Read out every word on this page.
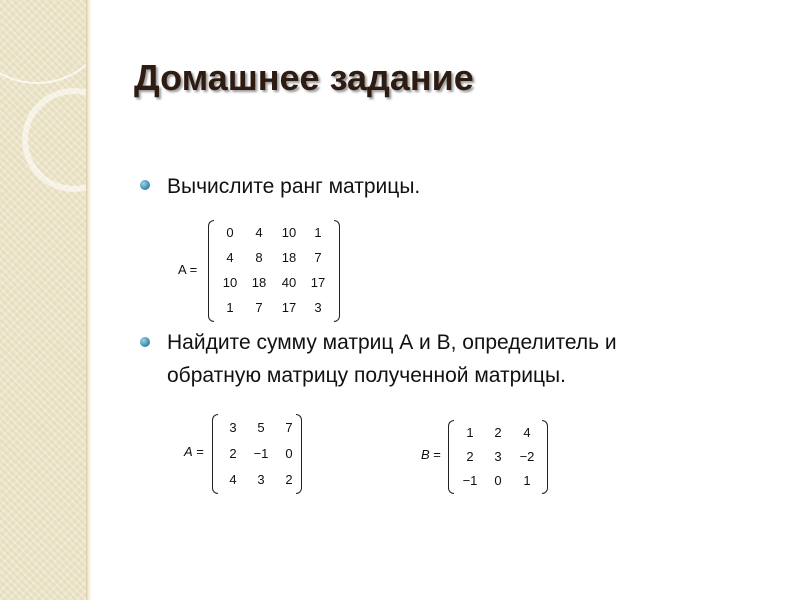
Домашнее задание
Вычислите ранг матрицы.
A =
0	4	10	1
4	8	18	7
10	18	40	17
1	7	17	3
Найдите сумму матриц А и В, определитель и
обратную матрицу полученной матрицы.
A =
3	5	7
2	−1	0
4	3	2
B =
1	2	4
2	3	−2
−1	0	1
